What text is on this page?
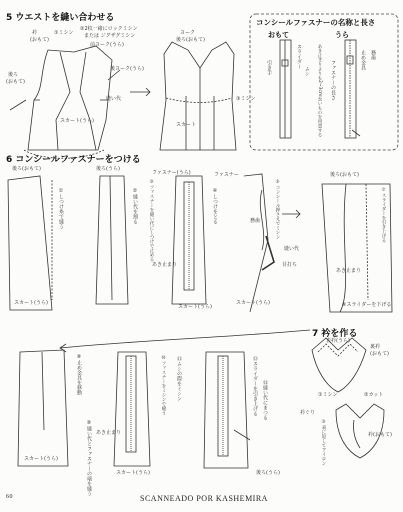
5 ウエストを縫い合わせる	コンシールファスナーの名称と長さ
おもて	うら
6 コンシールファスナーをつける
7 衿を作る
衿
(おもて)
①ミシン
②2枚一緒にロックミシン
または ジグザグミシン
前ヨーク(うら)
後ヨーク(うら)
後ろ
(おもて)
スカート(うら)
縫い代
ヨーク
後ろ(おもて)
スカート
③ミシン
スライダー
引き手	ムシ
止め金具 務歯
あき止まりよりも2~3cm長いものを用意する ファスナーの長さ
後ろ(おもて)
①しつけ糸で縫う
スカート(うら)
②縫い代を割る
後ろ(うら)
③ファスナーを縫い代にしつけで止める
ファスナー(うら)
あき止まり
スカート(うら)
④しつけをとる
ファスナー
スカート(うら)
⑤コンシール押さえでミシン
務歯
縫い代
目打ち
後ろ(おもて)
⑥スライダーを下げる
あき止まり
⑦スライダーを引き上げる
⑧止め金具を移動
⑨縫い代とファスナーの端を縫う
スカート(うら)
⑩ファスナーをミシンで縫う ⑪ムシの際をミシン
スカート(うら)
あき止まり
⑫スライダーを引き上げる ⑬縫い代にまつる
後ろ(うら)
表衿(うら)
裏衿
(おもて)
①ミシン	②カット
衿(おもて)
③表に返してアイロン
衿ぐり
60	SCANNEADO POR KASHEMIRA
